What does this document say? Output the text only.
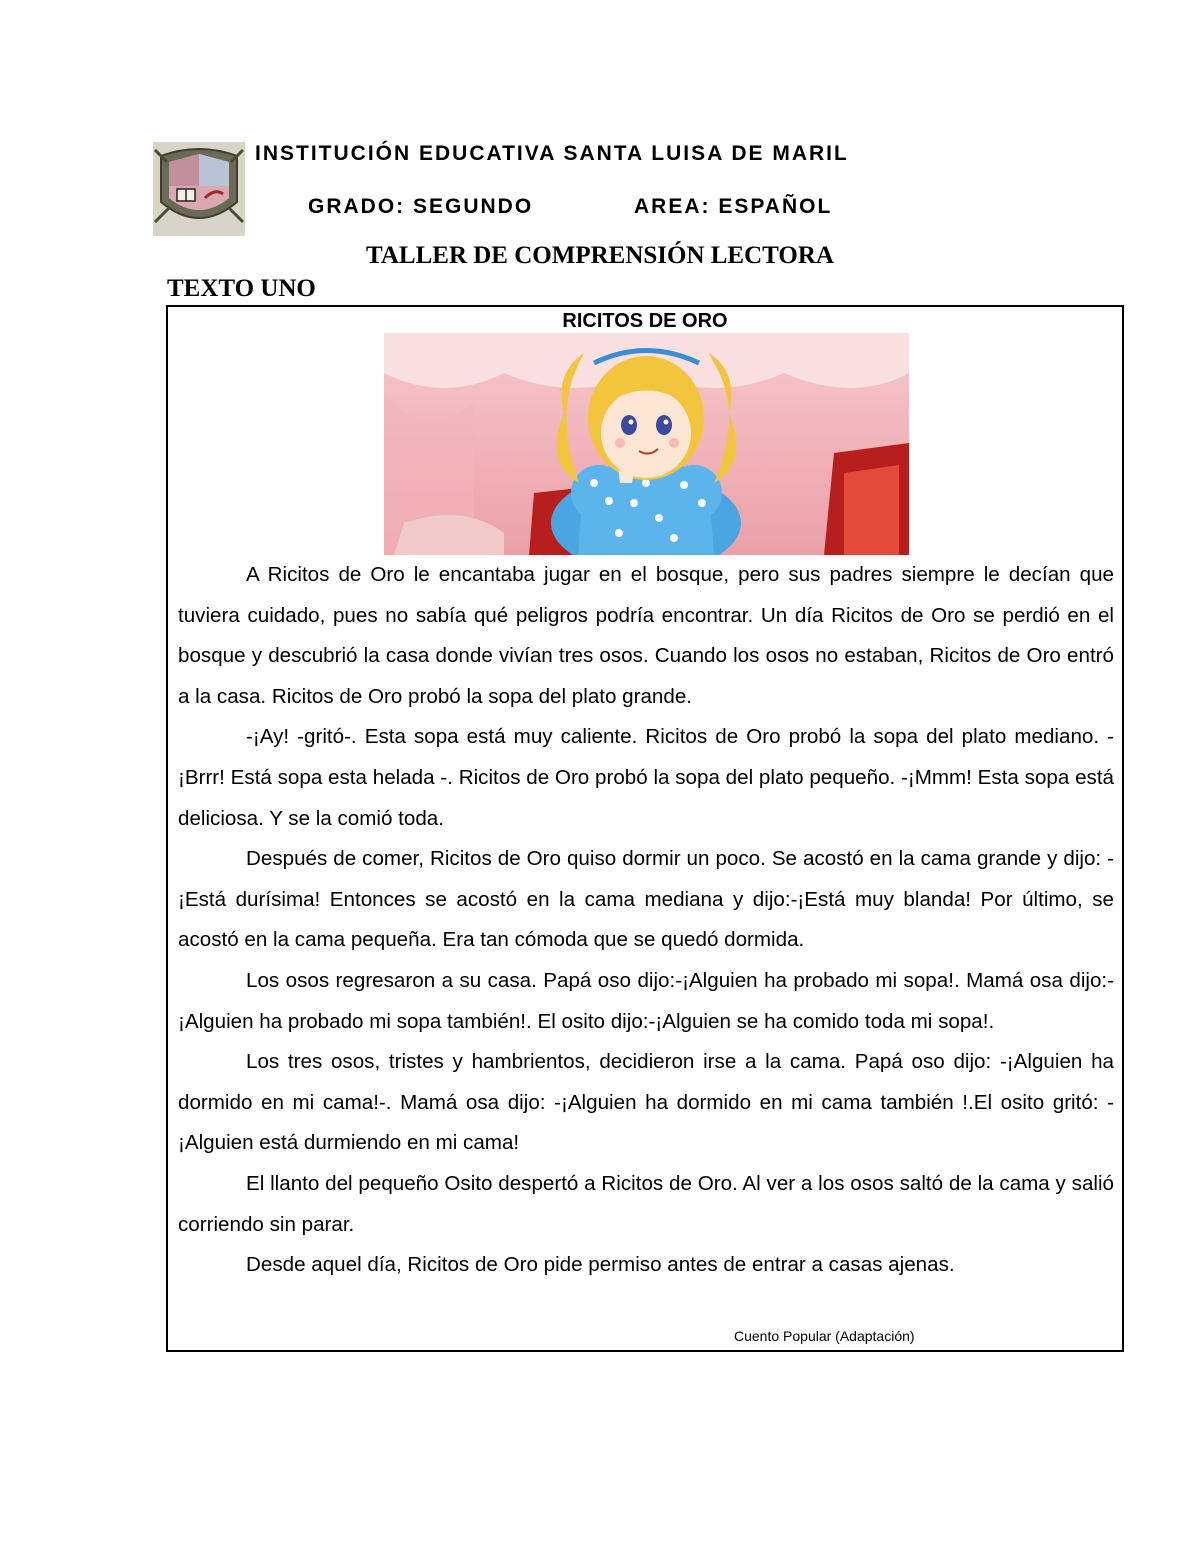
INSTITUCIÓN EDUCATIVA SANTA LUISA DE MARIL
GRADO: SEGUNDO	AREA: ESPAÑOL
TALLER DE COMPRENSIÓN LECTORA
TEXTO UNO
RICITOS DE ORO

A Ricitos de Oro le encantaba jugar en el bosque, pero sus padres siempre le decían que tuviera cuidado, pues no sabía qué peligros podría encontrar. Un día Ricitos de Oro se perdió en el bosque y descubrió la casa donde vivían tres osos. Cuando los osos no estaban, Ricitos de Oro entró a la casa. Ricitos de Oro probó la sopa del plato grande.

-¡Ay! -gritó-. Esta sopa está muy caliente. Ricitos de Oro probó la sopa del plato mediano. -¡Brrr! Está sopa esta helada -. Ricitos de Oro probó la sopa del plato pequeño. -¡Mmm! Esta sopa está deliciosa. Y se la comió toda.

Después de comer, Ricitos de Oro quiso dormir un poco. Se acostó en la cama grande y dijo: -¡Está durísima! Entonces se acostó en la cama mediana y dijo:-¡Está muy blanda! Por último, se acostó en la cama pequeña. Era tan cómoda que se quedó dormida.

Los osos regresaron a su casa. Papá oso dijo:-¡Alguien ha probado mi sopa!. Mamá osa dijo:-¡Alguien ha probado mi sopa también!. El osito dijo:-¡Alguien se ha comido toda mi sopa!.

Los tres osos, tristes y hambrientos, decidieron irse a la cama. Papá oso dijo: -¡Alguien ha dormido en mi cama!-. Mamá osa dijo: -¡Alguien ha dormido en mi cama también !.El osito gritó: -¡Alguien está durmiendo en mi cama!

El llanto del pequeño Osito despertó a Ricitos de Oro. Al ver a los osos saltó de la cama y salió corriendo sin parar.

Desde aquel día, Ricitos de Oro pide permiso antes de entrar a casas ajenas.

Cuento Popular (Adaptación)
